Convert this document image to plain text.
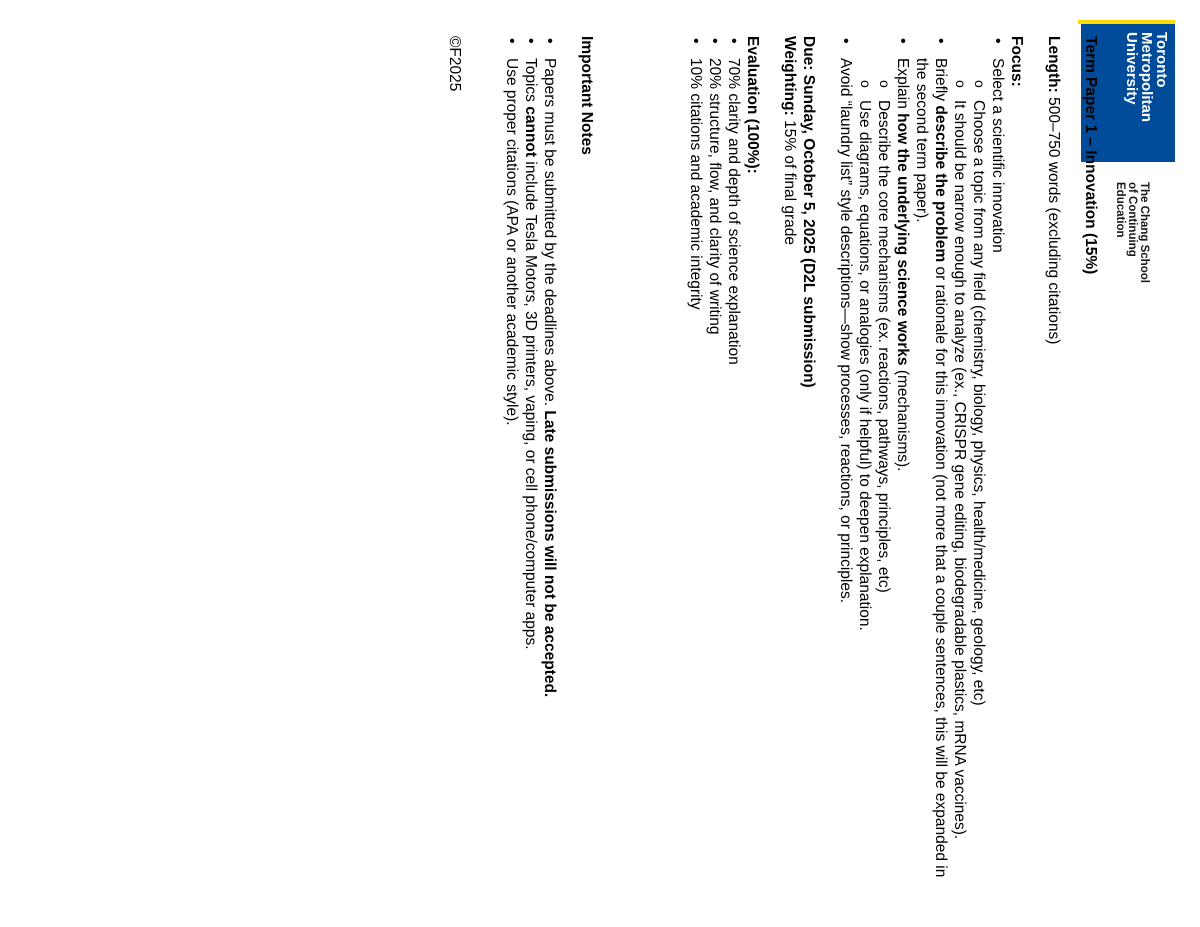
Toronto
Metropolitan
University
The Chang School
of Continuing
Education
Term Paper 1 – Innovation (15%)

Length: 500–750 words (excluding citations)

Focus:

• Select a scientific innovation
o Choose a topic from any field (chemistry, biology, physics, health/medicine, geology, etc)
o It should be narrow enough to analyze (ex., CRISPR gene editing, biodegradable plastics, mRNA vaccines).
• Briefly describe the problem or rationale for this innovation (not more that a couple sentences, this will be expanded in the second term paper).
• Explain how the underlying science works (mechanisms).
o Describe the core mechanisms (ex. reactions, pathways, principles, etc)
o Use diagrams, equations, or analogies (only if helpful) to deepen explanation.
• Avoid “laundry list” style descriptions—show processes, reactions, or principles.

Due: Sunday, October 5, 2025 (D2L submission)

Weighting: 15% of final grade

Evaluation (100%):

• 70% clarity and depth of science explanation
• 20% structure, flow, and clarity of writing
• 10% citations and academic integrity

Important Notes

• Papers must be submitted by the deadlines above. Late submissions will not be accepted.
• Topics cannot include Tesla Motors, 3D printers, vaping, or cell phone/computer apps.
• Use proper citations (APA or another academic style).

©F2025
